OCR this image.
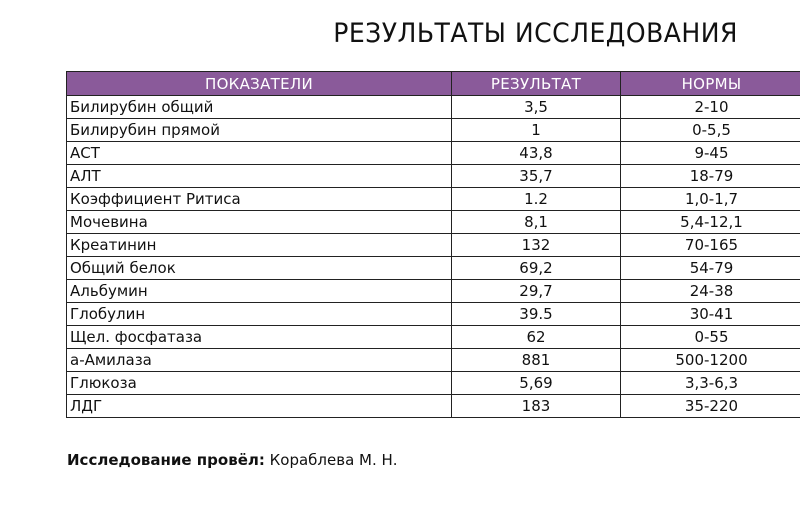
РЕЗУЛЬТАТЫ ИССЛЕДОВАНИЯ
ПОКАЗАТЕЛИ	РЕЗУЛЬТАТ	НОРМЫ
Билирубин общий	3,5	2-10
Билирубин прямой	1	0-5,5
АСТ	43,8	9-45
АЛТ	35,7	18-79
Коэффициент Ритиса	1.2	1,0-1,7
Мочевина	8,1	5,4-12,1
Креатинин	132	70-165
Общий белок	69,2	54-79
Альбумин	29,7	24-38
Глобулин	39.5	30-41
Щел. фосфатаза	62	0-55
а-Амилаза	881	500-1200
Глюкоза	5,69	3,3-6,3
ЛДГ	183	35-220
Исследование провёл: Кораблева М. Н.
